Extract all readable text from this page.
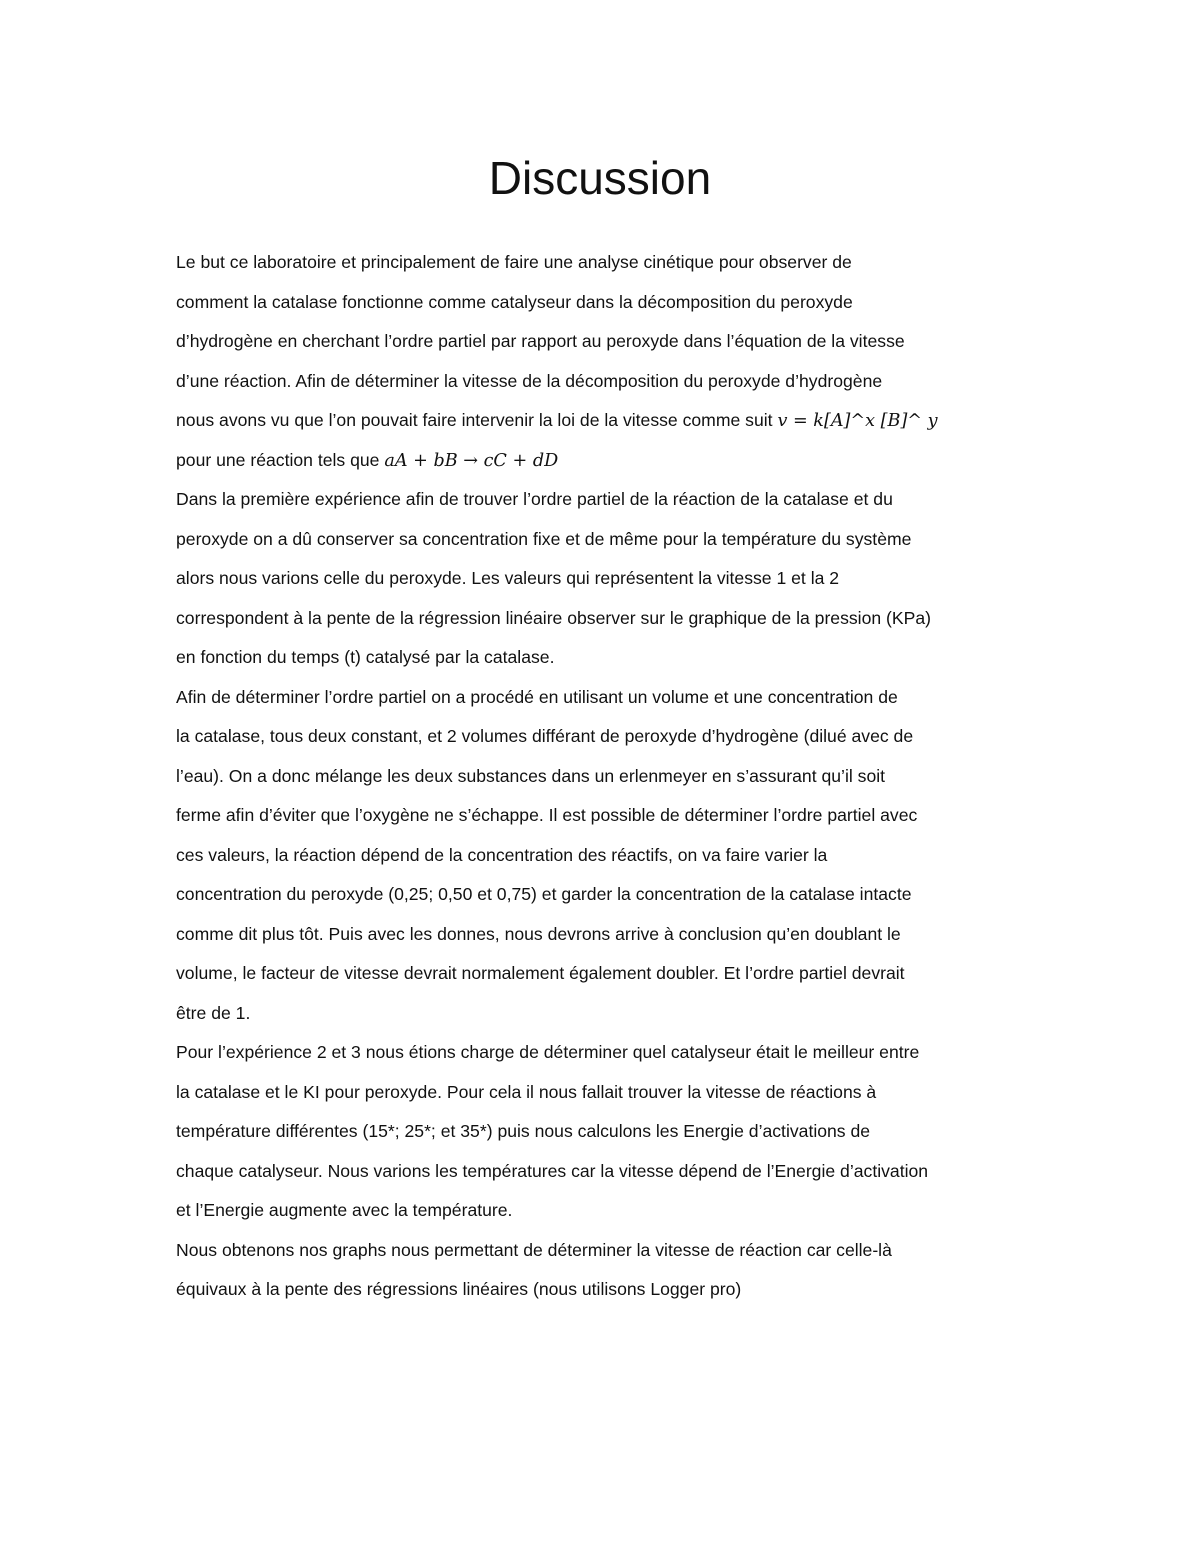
Discussion
Le but ce laboratoire et principalement de faire une analyse cinétique pour observer de
comment la catalase fonctionne comme catalyseur dans la décomposition du peroxyde
d’hydrogène en cherchant l’ordre partiel par rapport au peroxyde dans l’équation de la vitesse
d’une réaction. Afin de déterminer la vitesse de la décomposition du peroxyde d’hydrogène
nous avons vu que l’on pouvait faire intervenir la loi de la vitesse comme suit 𝑣 = 𝑘[𝐴]^𝑥 [𝐵]^ 𝑦
pour une réaction tels que 𝑎𝐴 + 𝑏𝐵 → 𝑐𝐶 + 𝑑𝐷
Dans la première expérience afin de trouver l’ordre partiel de la réaction de la catalase et du
peroxyde on a dû conserver sa concentration fixe et de même pour la température du système
alors nous varions celle du peroxyde. Les valeurs qui représentent la vitesse 1 et la 2
correspondent à la pente de la régression linéaire observer sur le graphique de la pression (KPa)
en fonction du temps (t) catalysé par la catalase.
Afin de déterminer l’ordre partiel on a procédé en utilisant un volume et une concentration de
la catalase, tous deux constant, et 2 volumes différant de peroxyde d’hydrogène (dilué avec de
l’eau). On a donc mélange les deux substances dans un erlenmeyer en s’assurant qu’il soit
ferme afin d’éviter que l’oxygène ne s’échappe. Il est possible de déterminer l’ordre partiel avec
ces valeurs, la réaction dépend de la concentration des réactifs, on va faire varier la
concentration du peroxyde (0,25; 0,50 et 0,75) et garder la concentration de la catalase intacte
comme dit plus tôt. Puis avec les donnes, nous devrons arrive à conclusion qu’en doublant le
volume, le facteur de vitesse devrait normalement également doubler. Et l’ordre partiel devrait
être de 1.
Pour l’expérience 2 et 3 nous étions charge de déterminer quel catalyseur était le meilleur entre
la catalase et le KI pour peroxyde. Pour cela il nous fallait trouver la vitesse de réactions à
température différentes (15*; 25*; et 35*) puis nous calculons les Energie d’activations de
chaque catalyseur. Nous varions les températures car la vitesse dépend de l’Energie d’activation
et l’Energie augmente avec la température.
Nous obtenons nos graphs nous permettant de déterminer la vitesse de réaction car celle-là
équivaux à la pente des régressions linéaires (nous utilisons Logger pro)
